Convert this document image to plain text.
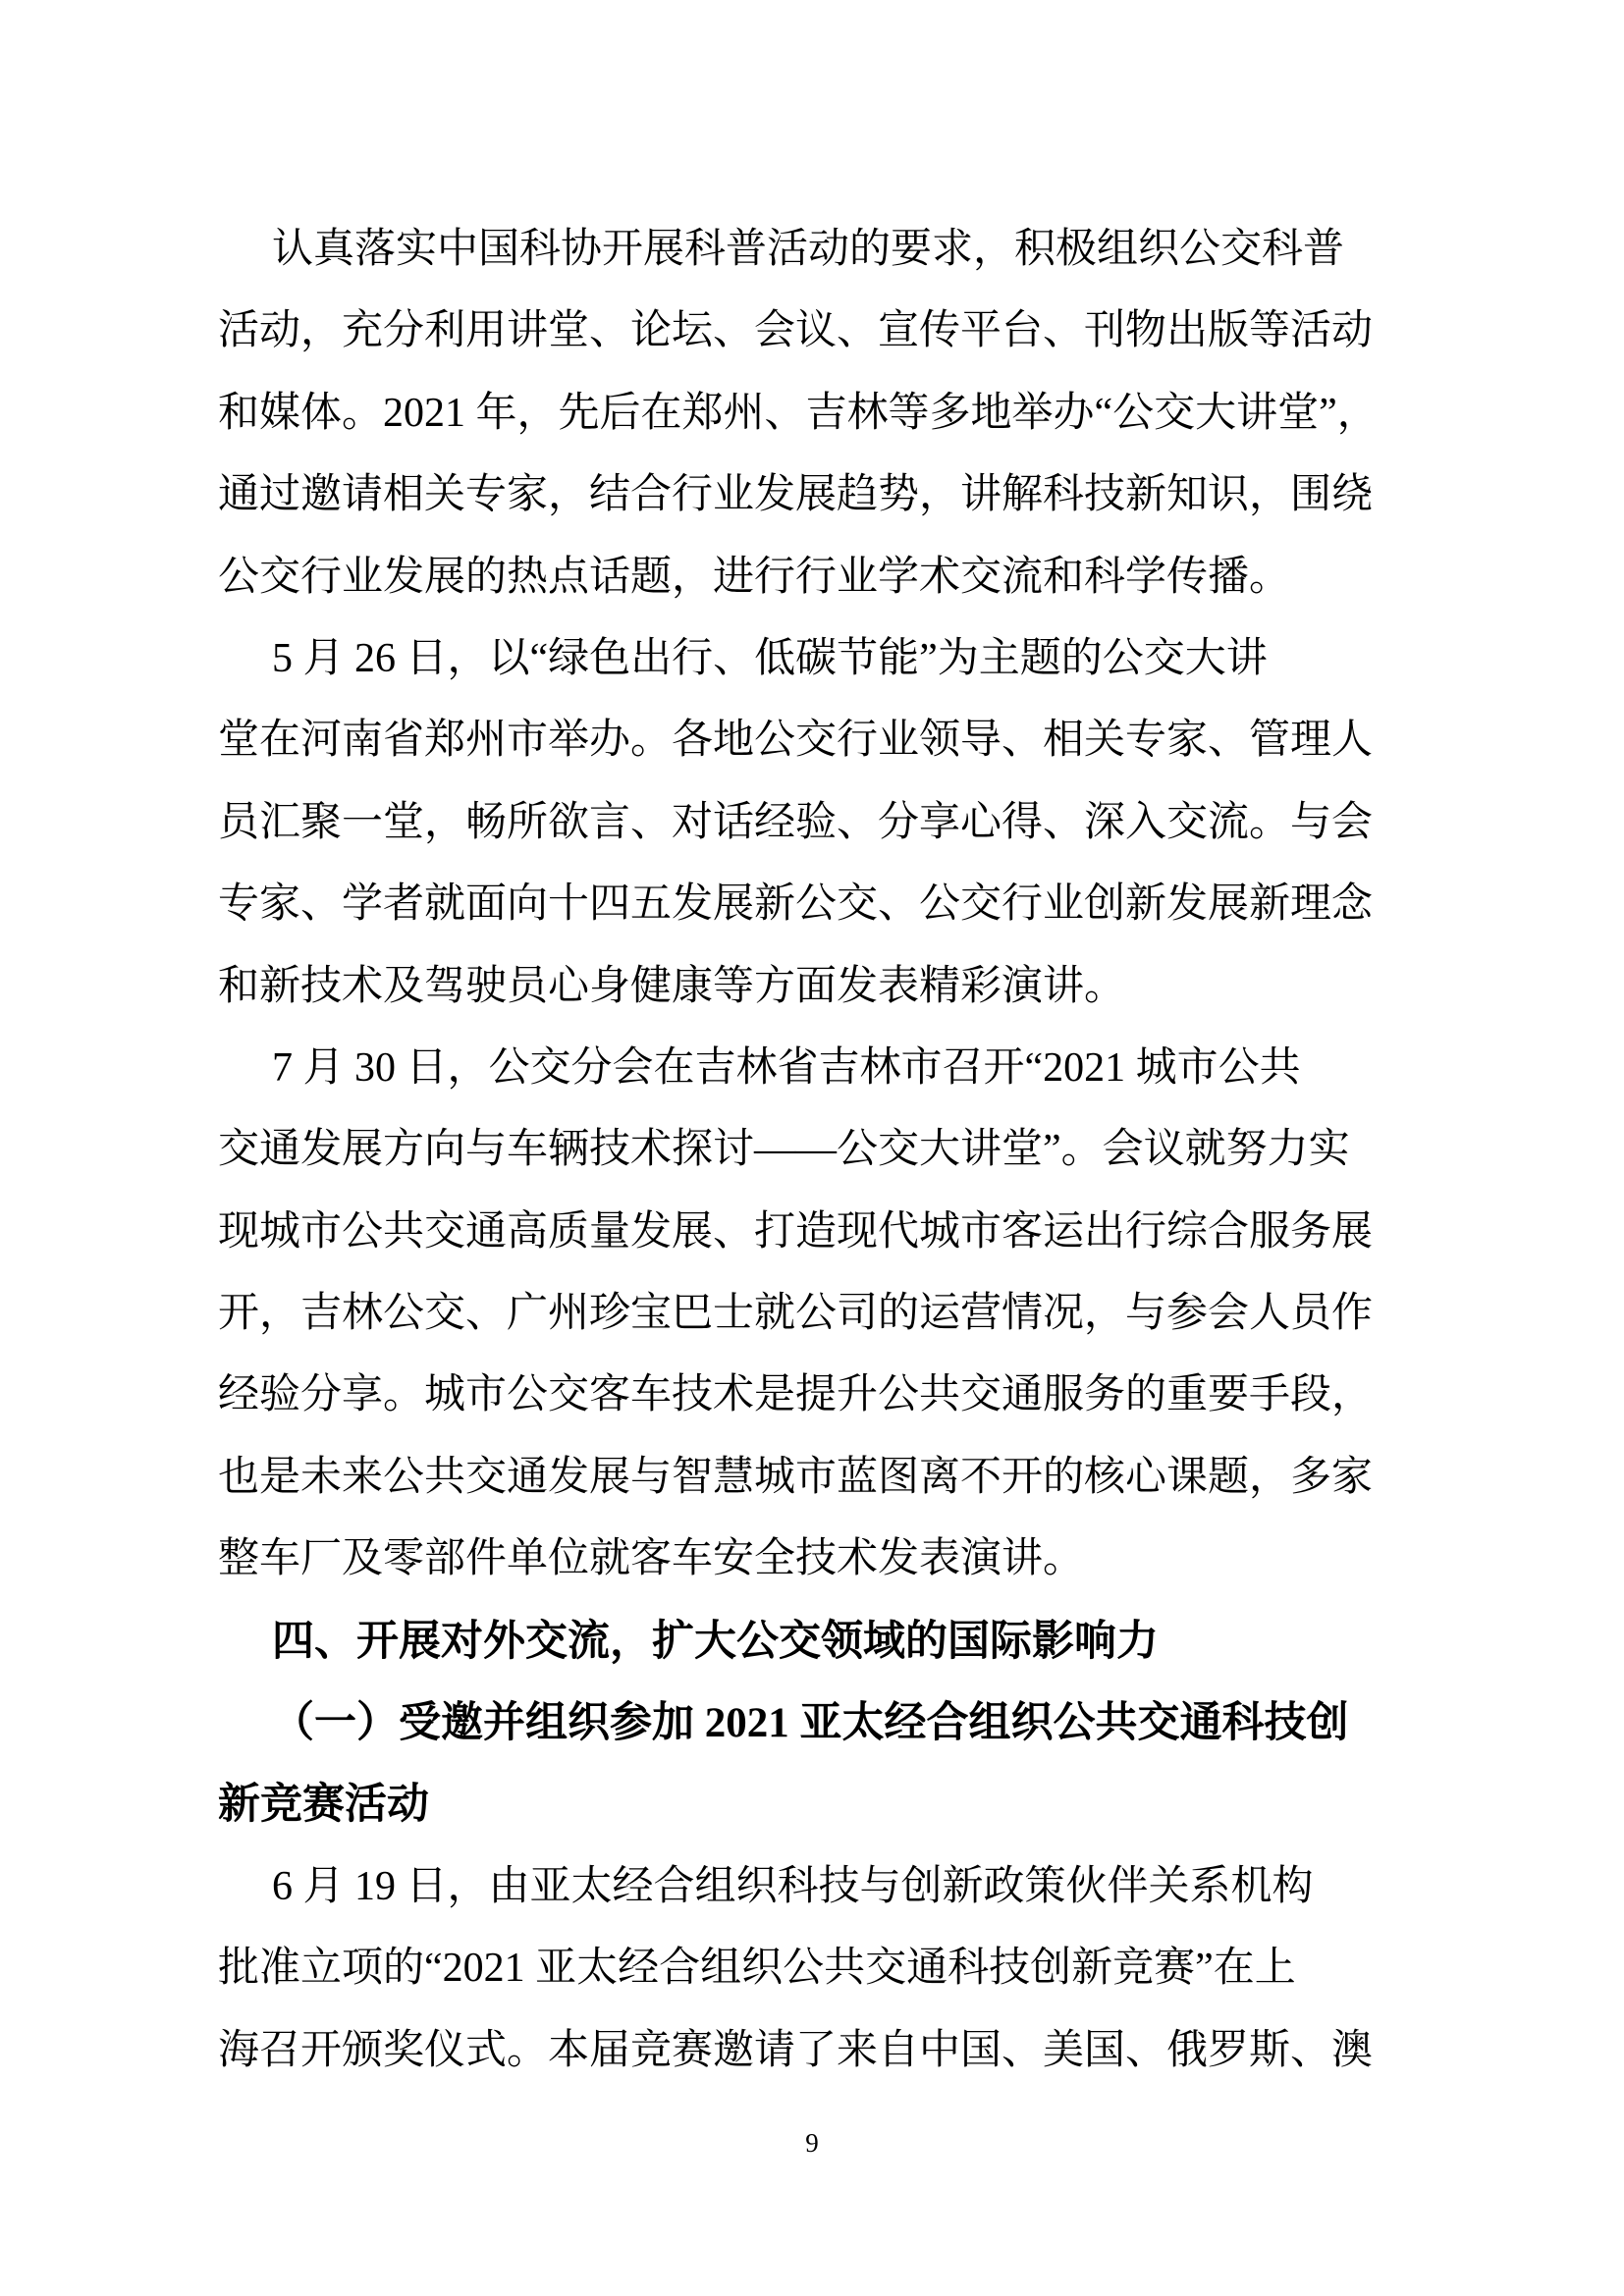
认真落实中国科协开展科普活动的要求，积极组织公交科普
活动，充分利用讲堂、论坛、会议、宣传平台、刊物出版等活动
和媒体。2021 年，先后在郑州、吉林等多地举办“公交大讲堂”，
通过邀请相关专家，结合行业发展趋势，讲解科技新知识，围绕
公交行业发展的热点话题，进行行业学术交流和科学传播。
5 月 26 日，以“绿色出行、低碳节能”为主题的公交大讲
堂在河南省郑州市举办。各地公交行业领导、相关专家、管理人
员汇聚一堂，畅所欲言、对话经验、分享心得、深入交流。与会
专家、学者就面向十四五发展新公交、公交行业创新发展新理念
和新技术及驾驶员心身健康等方面发表精彩演讲。
7 月 30 日，公交分会在吉林省吉林市召开“2021 城市公共
交通发展方向与车辆技术探讨——公交大讲堂”。会议就努力实
现城市公共交通高质量发展、打造现代城市客运出行综合服务展
开，吉林公交、广州珍宝巴士就公司的运营情况，与参会人员作
经验分享。城市公交客车技术是提升公共交通服务的重要手段，
也是未来公共交通发展与智慧城市蓝图离不开的核心课题，多家
整车厂及零部件单位就客车安全技术发表演讲。
四、开展对外交流，扩大公交领域的国际影响力
（一）受邀并组织参加 2021 亚太经合组织公共交通科技创
新竞赛活动
6 月 19 日，由亚太经合组织科技与创新政策伙伴关系机构
批准立项的“2021 亚太经合组织公共交通科技创新竞赛”在上
海召开颁奖仪式。本届竞赛邀请了来自中国、美国、俄罗斯、澳
9
